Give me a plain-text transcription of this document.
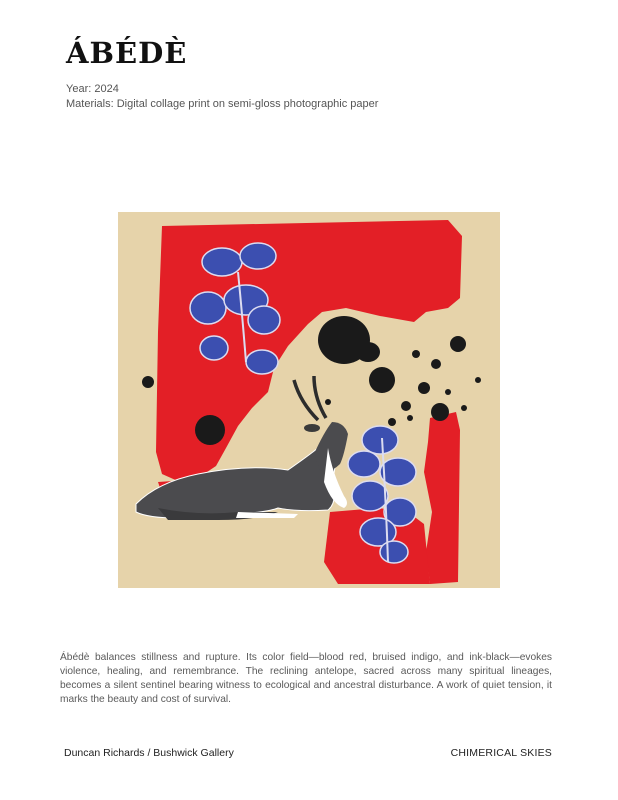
ÁBÉDÈ
Year: 2024
Materials: Digital collage print on semi-gloss photographic paper

Ábédè balances stillness and rupture. Its color field—blood red, bruised indigo, and ink-black—evokes violence, healing, and remembrance. The reclining antelope, sacred across many spiritual lineages, becomes a silent sentinel bearing witness to ecological and ancestral disturbance. A work of quiet tension, it marks the beauty and cost of survival.

Duncan Richards / Bushwick Gallery	CHIMERICAL SKIES
